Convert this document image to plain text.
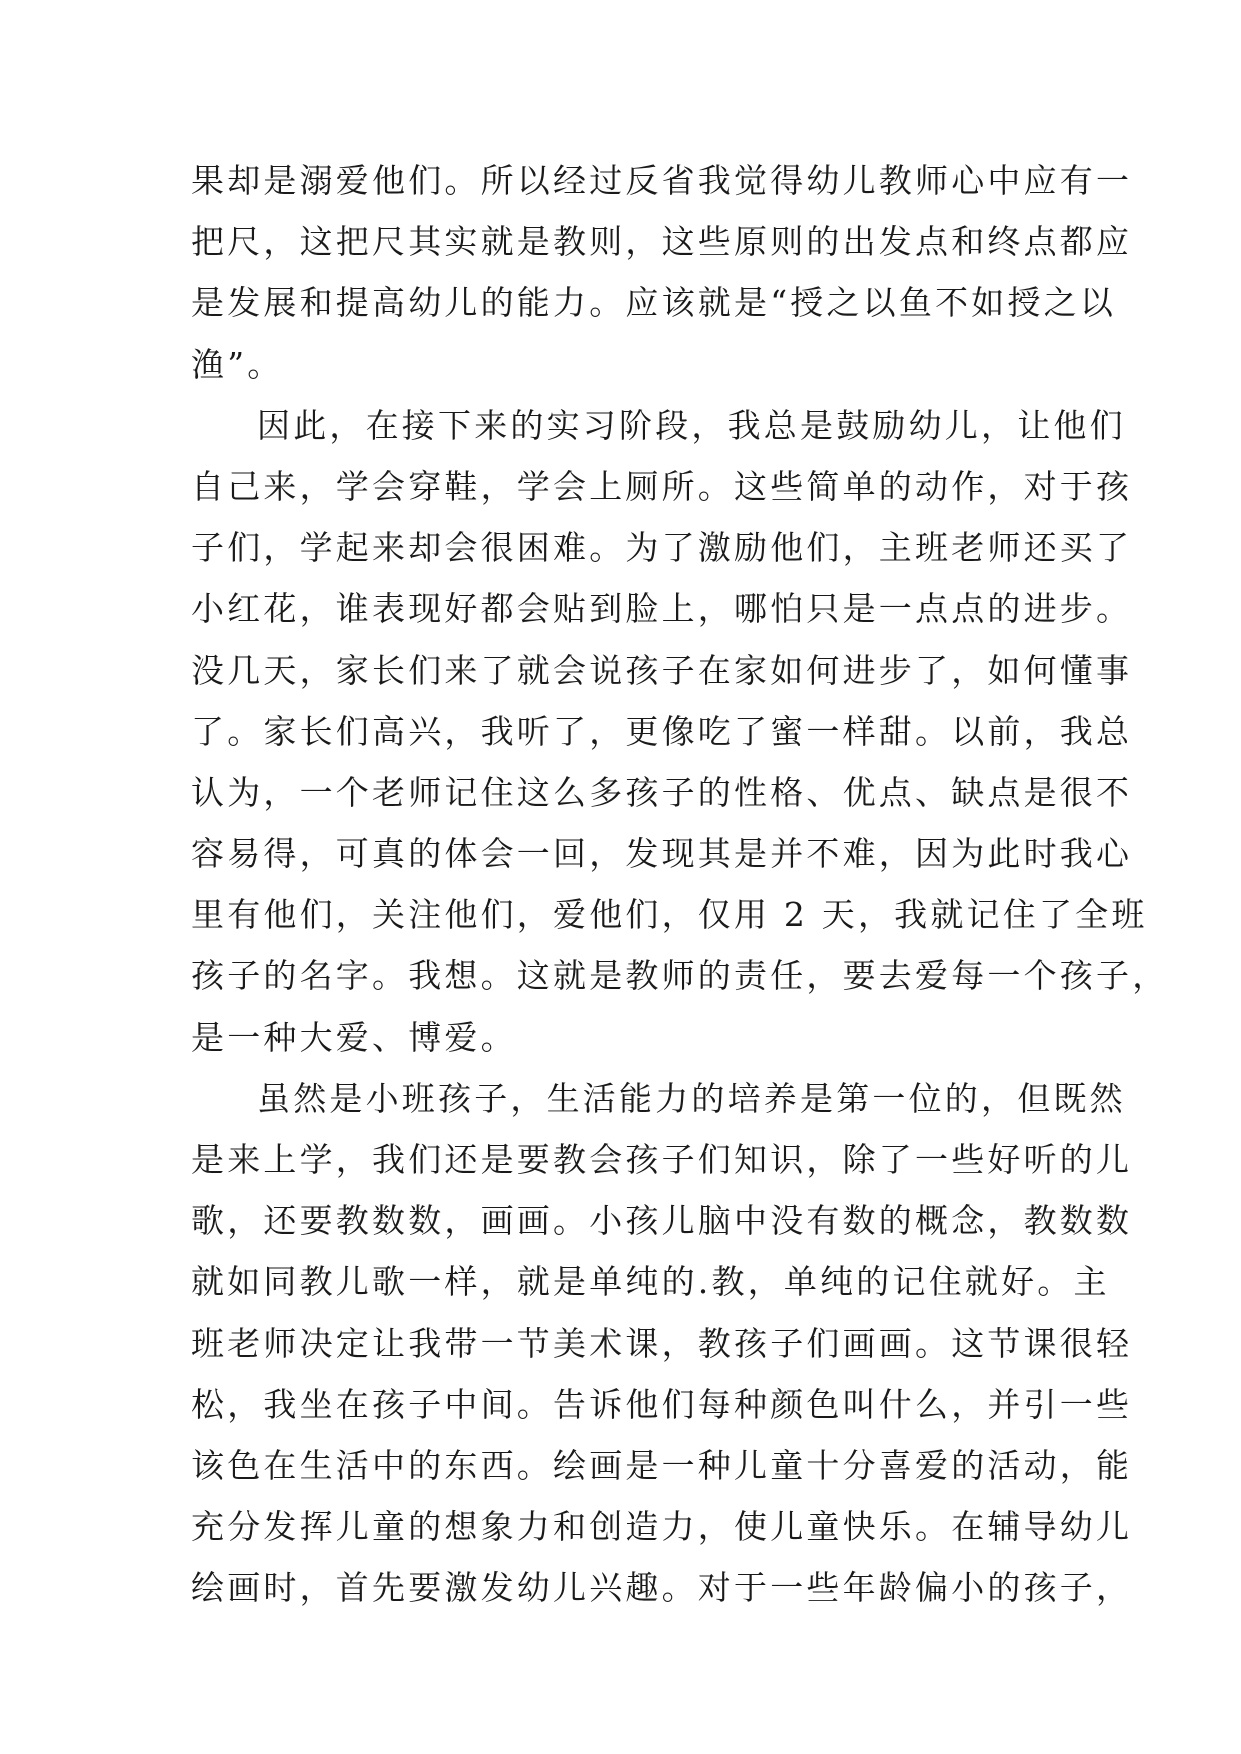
果却是溺爱他们。所以经过反省我觉得幼儿教师心中应有一
把尺，这把尺其实就是教则，这些原则的出发点和终点都应
是发展和提高幼儿的能力。应该就是“授之以鱼不如授之以
渔”。
因此，在接下来的实习阶段，我总是鼓励幼儿，让他们
自己来，学会穿鞋，学会上厕所。这些简单的动作，对于孩
子们，学起来却会很困难。为了激励他们，主班老师还买了
小红花，谁表现好都会贴到脸上，哪怕只是一点点的进步。
没几天，家长们来了就会说孩子在家如何进步了，如何懂事
了。家长们高兴，我听了，更像吃了蜜一样甜。以前，我总
认为，一个老师记住这么多孩子的性格、优点、缺点是很不
容易得，可真的体会一回，发现其是并不难，因为此时我心
里有他们，关注他们，爱他们，仅用 2 天，我就记住了全班
孩子的名字。我想。这就是教师的责任，要去爱每一个孩子，
是一种大爱、博爱。
虽然是小班孩子，生活能力的培养是第一位的，但既然
是来上学，我们还是要教会孩子们知识，除了一些好听的儿
歌，还要教数数，画画。小孩儿脑中没有数的概念，教数数
就如同教儿歌一样，就是单纯的.教，单纯的记住就好。主
班老师决定让我带一节美术课，教孩子们画画。这节课很轻
松，我坐在孩子中间。告诉他们每种颜色叫什么，并引一些
该色在生活中的东西。绘画是一种儿童十分喜爱的活动，能
充分发挥儿童的想象力和创造力，使儿童快乐。在辅导幼儿
绘画时，首先要激发幼儿兴趣。对于一些年龄偏小的孩子，
